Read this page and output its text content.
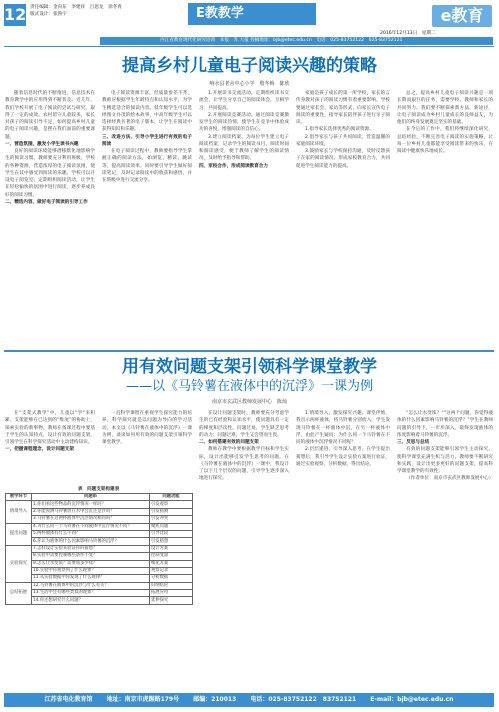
12 责任编辑：金向东　李建祥　吕思龙　徐冬青
版式设计：张鲁宇	E教教学	e教育
2016年12月13日　星期二
内江省教育现代化研究培训　本报：苏.大报 投稿地址：bjb@etec.edu.cn　电话：025-83752122　025-83752121
提高乡村儿童电子阅读兴趣的策略
响水县老舍中心小学　殷冬梅　陈欣

随着信息时代的不断推进，信息技术在教育教学中的应用得到不断普及。近几年，我们学校开展了电子阅读的尝试与研究，取得了一定的成效。农村留守儿童较多，家长对孩子的阅读引导不足，如何提高乡村儿童的电子阅读兴趣，是摆在我们面前的重要课题。

一、营造氛围，激发小学生读书兴趣

良好的阅读环境能够潜移默化地影响学生的阅读习惯。教师要充分利用班级、学校的各种资源，营造浓厚的电子阅读氛围，使学生在其中感受到阅读的乐趣。学校可以开设电子阅览室，定期组织阅读活动，让学生在轻松愉快的氛围中进行阅读，逐步养成良好的阅读习惯。

二、精选内容，做好电子阅读的引导工作

电子阅读资源丰富，但质量参差不齐，教师应根据学生年龄特点和认知水平，为学生精选适合的阅读内容。低年级学生可以选择图文并茂的绘本故事，中高年级学生可以选择经典名著的电子版本，让学生在阅读中获得知识和乐趣。

三、改进方法，引导小学生进行有效的电子阅读

在电子阅读过程中，教师要指导学生掌握正确的阅读方法，如浏览、精读、跳读等，提高阅读效率。同时要引导学生做好阅读笔记，及时记录阅读中的收获和感悟，并在班级中进行交流分享。

1.开展读书交流活动。定期组织读书交流会，让学生分享自己的阅读体会，互相学习，共同提高。

2.开展阅读竞赛活动。通过阅读竞赛激发学生的阅读热情，使学生在竞争中体验成功的喜悦，增强阅读的自信心。

3.建立阅读档案。为每位学生建立电子阅读档案，记录学生的阅读书目、阅读时间和阅读感受，便于教师了解学生的阅读情况，及时给予指导和帮助。

四、家校合作，形成阅读教育合力

家庭是孩子成长的第一所学校，家长的言传身教对孩子的阅读习惯有着重要影响。学校要通过家长会、家访等形式，向家长宣传电子阅读的重要性，指导家长陪伴孩子进行亲子阅读。

1.指导家长选择优秀的阅读资源。

2.倡导家长与孩子共同阅读，营造温馨的家庭阅读环境。

3.鼓励家长与学校保持沟通，及时反馈孩子在家的阅读情况，形成家校教育合力，共同促进学生阅读能力的提高。

总之，提高乡村儿童电子阅读兴趣是一项长期而艰巨的任务，需要学校、教师和家长的共同努力。我们要不断探索新方法、新途径，让电子阅读成为乡村儿童成长的良师益友，为他们的终身发展奠定坚实的基础。

在今后的工作中，我们将继续深化研究，总结经验，不断完善电子阅读的实施策略，让每一位乡村儿童都能享受阅读带来的快乐，在阅读中健康快乐地成长。

用有效问题支架引领科学课堂教学
——以《马铃薯在液体中的沉浮》一课为例
南京市玄武区教师发展中心　陈灿

在“支架式教学”中，儿童以“学”来积累，支架能够在已达到的“维度”的协助上，探索实验的新事物。教师在备课过程中要基于学生的认知特点，设计有效的问题支架，引领学生在科学探究活动中主动建构知识。

一、把握课程理念，设计问题支架

一直科学课程在重视学生探究能力的培养，科学探究就是以问题为导向的学习活动。本文以《马铃薯在液体中的沉浮》一课为例，谈谈如何用有效的问题支架引领科学课堂教学。

表　问题支架构建表
教学环节	问题串	问题功能
情境导入	1.你们看这些物品的沉浮情况一样吗？	引发观察
	2.你能预测马铃薯放在水中会沉还是浮吗？	引发猜测
	3.马铃薯在这两杯液体中沉浮情况相同吗？	引发冲突
提出问题	4.为什么同一个马铃薯在不同液体中沉浮情况不同？	聚焦问题
	5.两杯液体有什么不同？	引导比较
	6.你认为液体的什么因素影响马铃薯的沉浮？	引发猜想
实验探究	7.怎样设计实验来验证你的猜想？	设计方案
	8.实验中需要控制哪些条件不变？	控制变量
	9.怎么让水变浓？需要加多少盐？	细化方案
	10.实验中你观察到了什么现象？	观察记录
	11.从实验数据中你发现了什么规律？	分析数据
总结拓展	12.马铃薯在液体中的沉浮与什么有关？	归纳结论
	13.生活中还有哪些类似的现象？	拓展应用
	14.你还想研究什么问题？	延伸探究

在设计问题支架时，教师要充分考虑学生的已有经验和认知水平，使问题具有一定的梯度和层次性。问题过易，学生缺乏思考的动力；问题过难，学生又会望而生畏。

二、如何搭建有效的问题支架

教师在教学中要根据教学目标和学生实际，设计出能够引发学生思考的问题。在《马铃薯在液体中的沉浮》一课中，我设计了以下几个层次的问题，引导学生逐步深入地进行探究。

1.情境导入，激发探究兴趣。课堂伊始，我出示两杯液体，将马铃薯分别放入，学生发现马铃薯在一杯液体中沉，在另一杯液体中浮，由此产生疑问：为什么同一个马铃薯在不同的液体中沉浮情况不同呢？

2.层层递进，引导深入思考。在学生提出猜想后，我引导学生设计实验方案进行验证，通过实验观察、分析数据，得出结论。

“怎么让水变浓？”“这两个问题，你觉得液体的什么因素影响马铃薯的沉浮？”学生在教师问题的引导下，一步步深入，最终发现液体的浓度影响着马铃薯的沉浮。

三、反思与总结

有效的问题支架能够引领学生主动探究，使科学课堂充满生机与活力。教师要不断研究和实践，设计出更多更好的问题支架，提高科学课堂教学的有效性。

（作者单位：南京市玄武区教师发展中心）

江苏省电化教育馆 地址：南京市虎踞路179号 邮编：210013 电话：025-83752122　83752121 E-mail：bjb@etec.edu.cn
